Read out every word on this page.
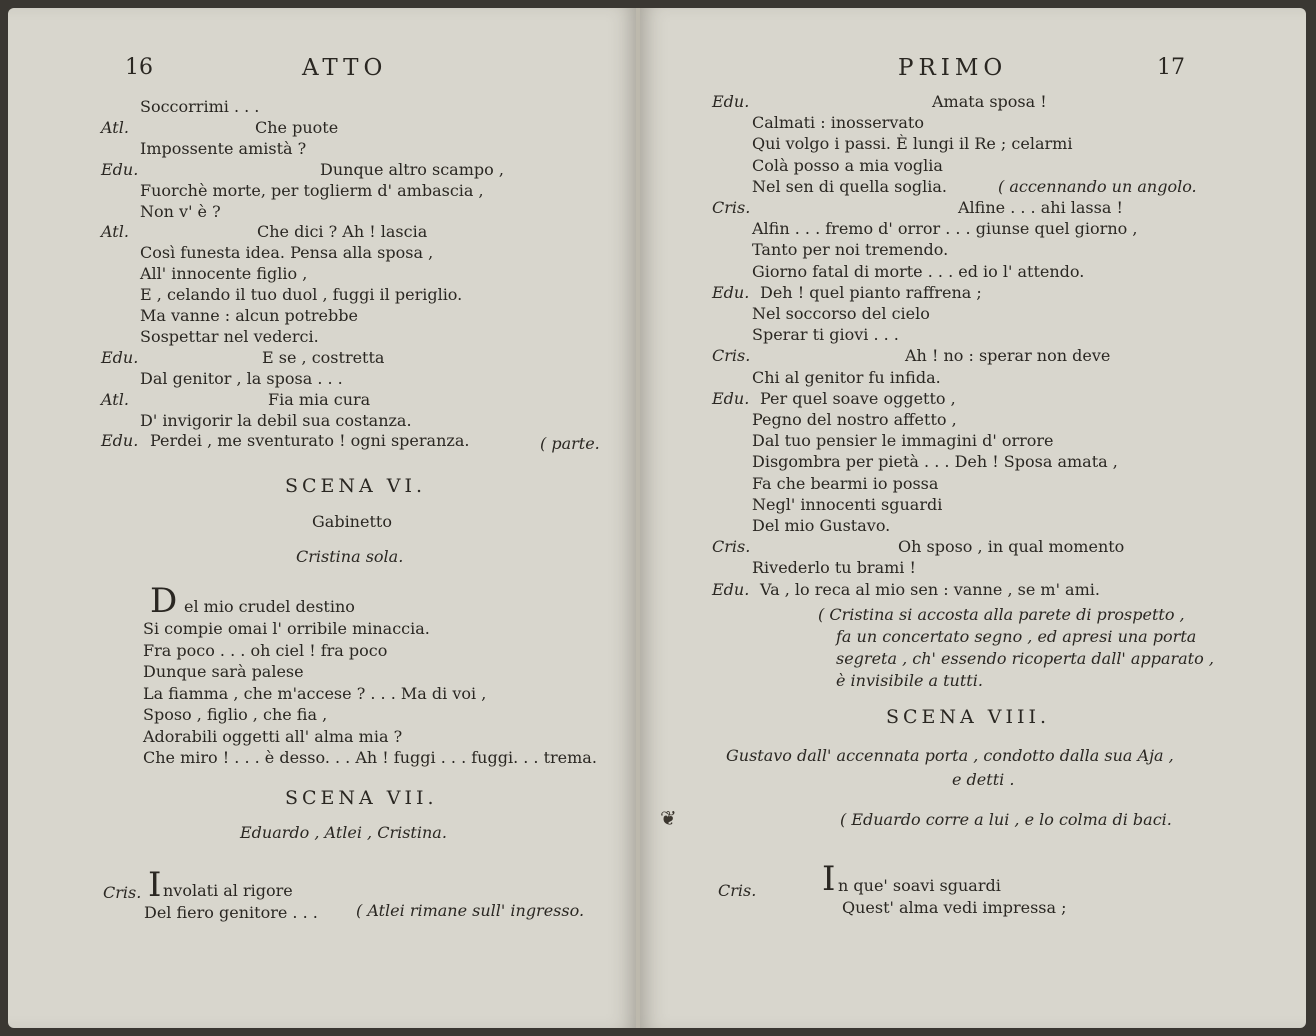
16	ATTO
Soccorrimi . . .
Atl.	Che puote
Impossente amistà ?
Edu.	Dunque altro scampo ,
Fuorchè morte, per toglierm d' ambascia ,
Non v' è ?
Atl.	Che dici ? Ah ! lascia
Così funesta idea. Pensa alla sposa ,
All' innocente figlio ,
E , celando il tuo duol , fuggi il periglio.
Ma vanne : alcun potrebbe
Sospettar nel vederci.
Edu.	E se , costretta
Dal genitor , la sposa . . .
Atl.	Fia mia cura
D' invigorir la debil sua costanza.
Edu. Perdei , me sventurato ! ogni speranza.	( parte.
SCENA VI.
Gabinetto
Cristina sola.
D el mio crudel destino
Si compie omai l' orribile minaccia.
Fra poco . . . oh ciel ! fra poco
Dunque sarà palese
La fiamma , che m'accese ? . . . Ma di voi ,
Sposo , figlio , che fia ,
Adorabili oggetti all' alma mia ?
Che miro ! . . . è desso. . . Ah ! fuggi . . . fuggi. . . trema.
SCENA VII.
Eduardo , Atlei , Cristina.
Cris. I nvolati al rigore
Del fiero genitore . . . ( Atlei rimane sull' ingresso.
PRIMO	17
Edu.	Amata sposa !
Calmati : inosservato
Qui volgo i passi. È lungi il Re ; celarmi
Colà posso a mia voglia
Nel sen di quella soglia.
Cris.	Alfine . . . ahi lassa !
Alfin . . . fremo d' orror . . . giunse quel giorno ,
Tanto per noi tremendo.
Giorno fatal di morte . . . ed io l' attendo.
Edu. Deh ! quel pianto raffrena ;
Nel soccorso del cielo
Sperar ti giovi . . .
Cris.	Ah ! no : sperar non deve
Chi al genitor fu infida.
Edu. Per quel soave oggetto ,
Pegno del nostro affetto ,
Dal tuo pensier le immagini d' orrore
Disgombra per pietà . . . Deh ! Sposa amata ,
Fa che bearmi io possa
Negl' innocenti sguardi
Del mio Gustavo.
Cris.	Oh sposo , in qual momento
Rivederlo tu brami !
Edu. Va , lo reca al mio sen : vanne , se m' ami.
( accennando un angolo.
( Cristina si accosta alla parete di prospetto ,
fa un concertato segno , ed apresi una porta
segreta , ch' essendo ricoperta dall' apparato ,
è invisibile a tutti.
SCENA VIII.
Gustavo dall' accennata porta , condotto dalla sua Aja ,
e detti .
❦	( Eduardo corre a lui , e lo colma di baci.
Cris. I n que' soavi sguardi
Quest' alma vedi impressa ;
